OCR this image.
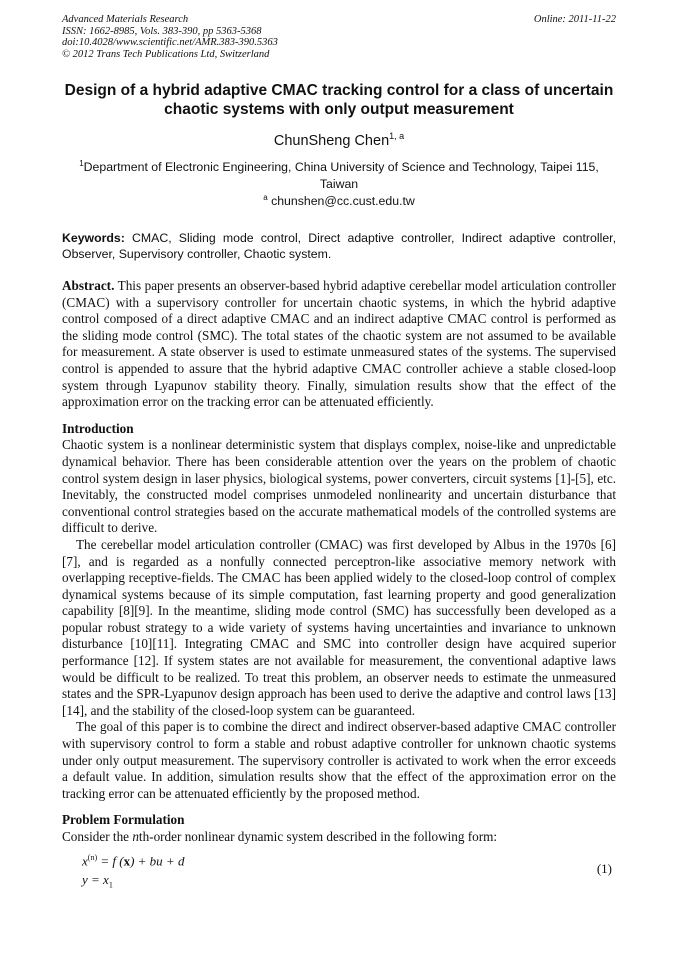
Advanced Materials Research
ISSN: 1662-8985, Vols. 383-390, pp 5363-5368
doi:10.4028/www.scientific.net/AMR.383-390.5363
© 2012 Trans Tech Publications Ltd, Switzerland
Online: 2011-11-22
Design of a hybrid adaptive CMAC tracking control for a class of uncertain chaotic systems with only output measurement
ChunSheng Chen$^{1, a}$
$^1$Department of Electronic Engineering, China University of Science and Technology, Taipei 115, Taiwan
$^a$ chunshen@cc.cust.edu.tw
Keywords: CMAC, Sliding mode control, Direct adaptive controller, Indirect adaptive controller, Observer, Supervisory controller, Chaotic system.

Abstract. This paper presents an observer-based hybrid adaptive cerebellar model articulation controller (CMAC) with a supervisory controller for uncertain chaotic systems, in which the hybrid adaptive control composed of a direct adaptive CMAC and an indirect adaptive CMAC control is performed as the sliding mode control (SMC). The total states of the chaotic system are not assumed to be available for measurement. A state observer is used to estimate unmeasured states of the systems. The supervised control is appended to assure that the hybrid adaptive CMAC controller achieve a stable closed-loop system through Lyapunov stability theory. Finally, simulation results show that the effect of the approximation error on the tracking error can be attenuated efficiently.

Introduction

Chaotic system is a nonlinear deterministic system that displays complex, noise-like and unpredictable dynamical behavior. There has been considerable attention over the years on the problem of chaotic control system design in laser physics, biological systems, power converters, circuit systems [1]-[5], etc. Inevitably, the constructed model comprises unmodeled nonlinearity and uncertain disturbance that conventional control strategies based on the accurate mathematical models of the controlled systems are difficult to derive.

The cerebellar model articulation controller (CMAC) was first developed by Albus in the 1970s [6][7], and is regarded as a nonfully connected perceptron-like associative memory network with overlapping receptive-fields. The CMAC has been applied widely to the closed-loop control of complex dynamical systems because of its simple computation, fast learning property and good generalization capability [8][9]. In the meantime, sliding mode control (SMC) has successfully been developed as a popular robust strategy to a wide variety of systems having uncertainties and invariance to unknown disturbance [10][11]. Integrating CMAC and SMC into controller design have acquired superior performance [12]. If system states are not available for measurement, the conventional adaptive laws would be difficult to be realized. To treat this problem, an observer needs to estimate the unmeasured states and the SPR-Lyapunov design approach has been used to derive the adaptive and control laws [13][14], and the stability of the closed-loop system can be guaranteed.

The goal of this paper is to combine the direct and indirect observer-based adaptive CMAC controller with supervisory control to form a stable and robust adaptive controller for unknown chaotic systems under only output measurement. The supervisory controller is activated to work when the error exceeds a default value. In addition, simulation results show that the effect of the approximation error on the tracking error can be attenuated efficiently by the proposed method.

Problem Formulation

Consider the nth-order nonlinear dynamic system described in the following form:

$x^{(n)} = f$ (x) + bu + d
$y = x_1$
(1)
